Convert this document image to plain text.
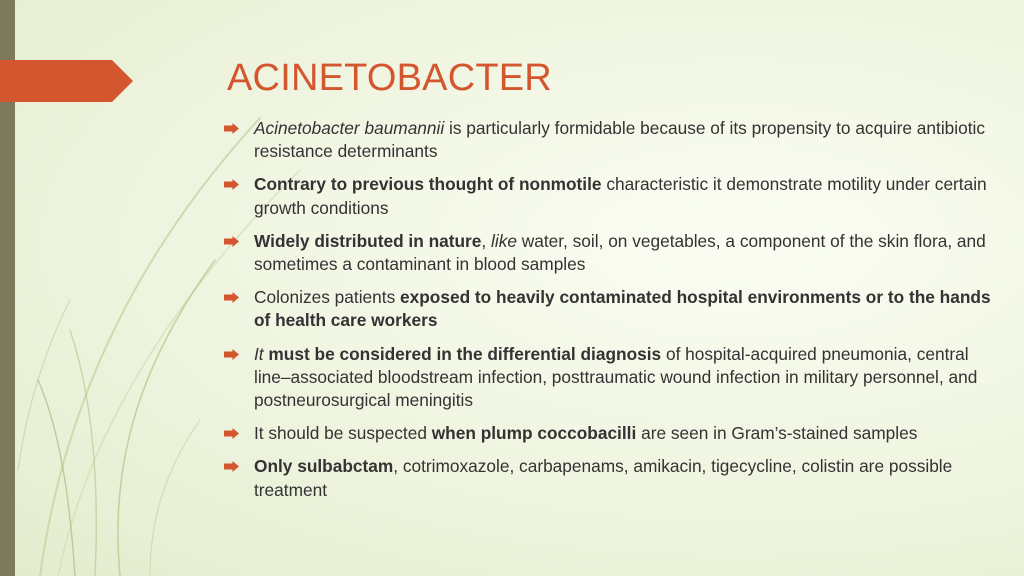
ACINETOBACTER
Acinetobacter baumannii is particularly formidable because of its propensity to acquire antibiotic resistance determinants
Contrary to previous thought of nonmotile characteristic it demonstrate motility under certain growth conditions
Widely distributed in nature, like water, soil, on vegetables, a component of the skin flora, and sometimes a contaminant in blood samples
Colonizes patients exposed to heavily contaminated hospital environments or to the hands of health care workers
It must be considered in the differential diagnosis of hospital-acquired pneumonia, central line–associated bloodstream infection, posttraumatic wound infection in military personnel, and postneurosurgical meningitis
It should be suspected when plump coccobacilli are seen in Gram’s-stained samples
Only sulbabctam, cotrimoxazole, carbapenams, amikacin, tigecycline, colistin are possible treatment
